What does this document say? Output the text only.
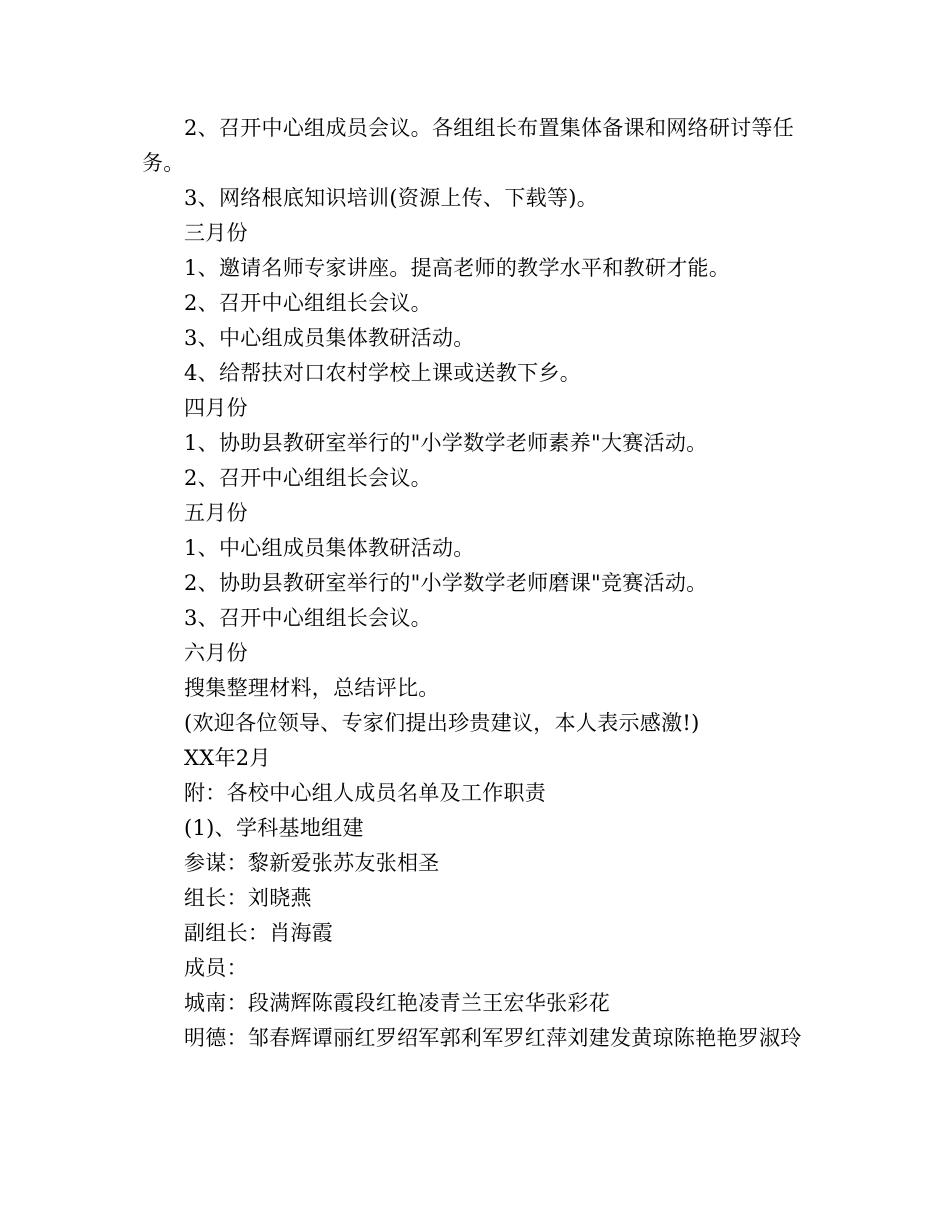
2、召开中心组成员会议。各组组长布置集体备课和网络研讨等任务。

3、网络根底知识培训(资源上传、下载等)。

三月份

1、邀请名师专家讲座。提高老师的教学水平和教研才能。

2、召开中心组组长会议。

3、中心组成员集体教研活动。

4、给帮扶对口农村学校上课或送教下乡。

四月份

1、协助县教研室举行的"小学数学老师素养"大赛活动。

2、召开中心组组长会议。

五月份

1、中心组成员集体教研活动。

2、协助县教研室举行的"小学数学老师磨课"竞赛活动。

3、召开中心组组长会议。

六月份

搜集整理材料，总结评比。

(欢迎各位领导、专家们提出珍贵建议，本人表示感激!)

XX年2月

附：各校中心组人成员名单及工作职责

(1)、学科基地组建

参谋：黎新爱张苏友张相圣

组长：刘晓燕

副组长：肖海霞

成员：

城南：段满辉陈霞段红艳凌青兰王宏华张彩花

明德：邹春辉谭丽红罗绍军郭利军罗红萍刘建发黄琼陈艳艳罗淑玲
